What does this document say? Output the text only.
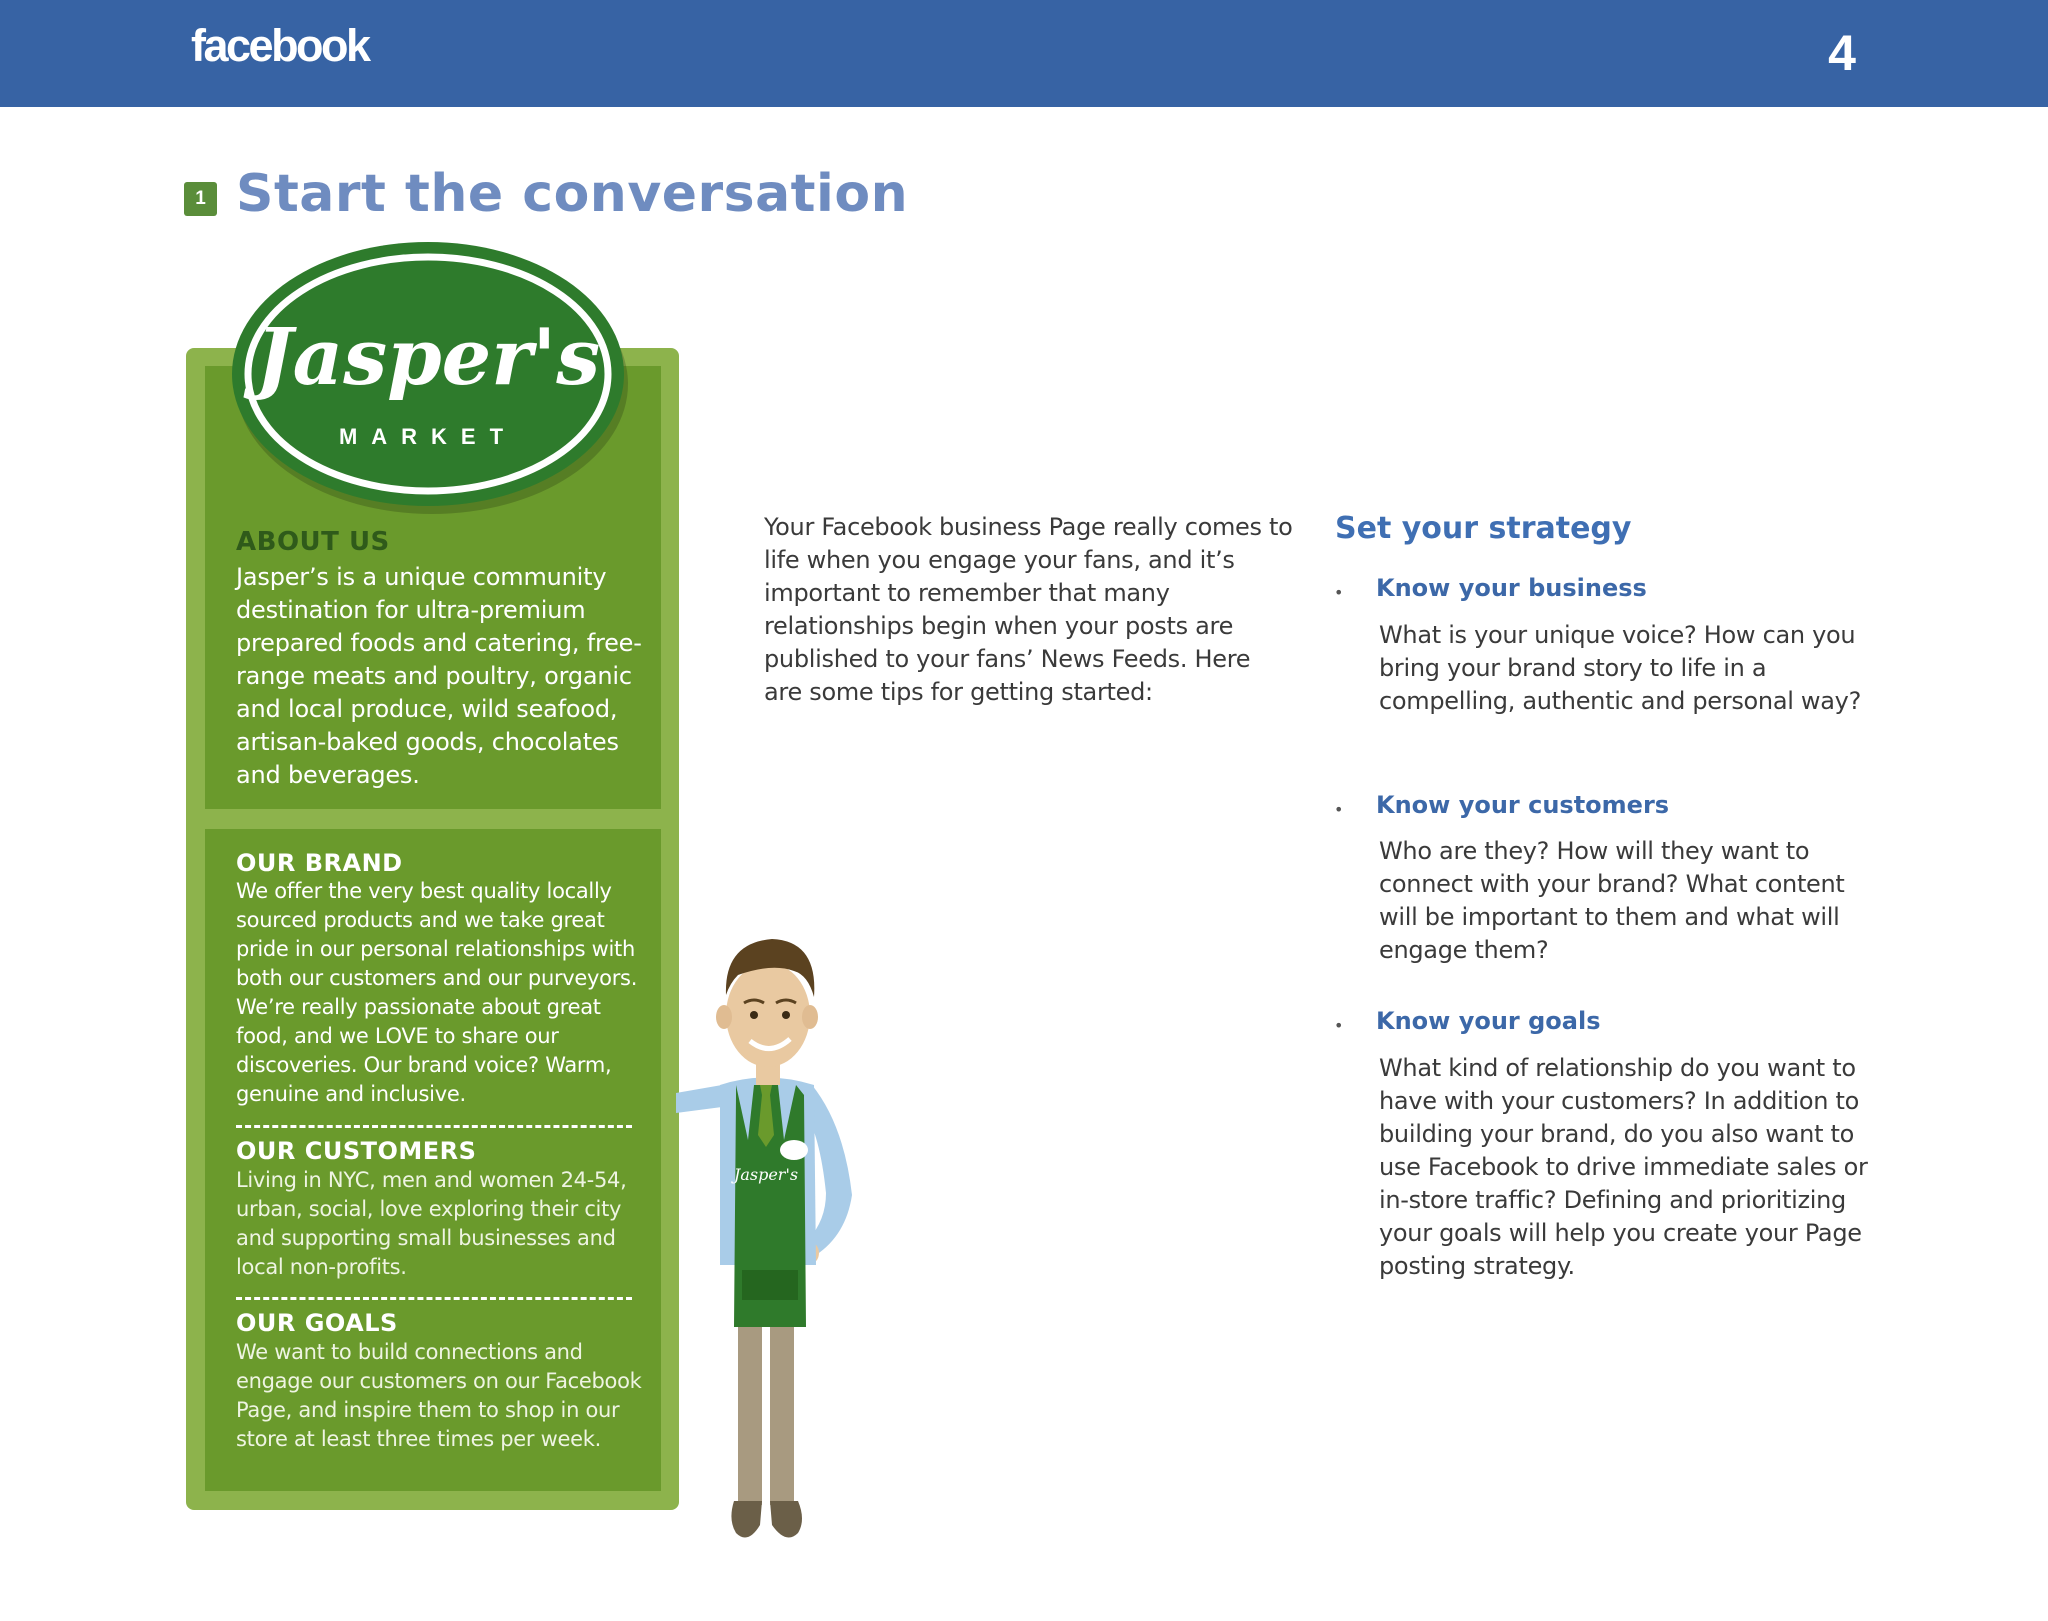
facebook	4
1 Start the conversation
Jasper's
MARKET
ABOUT US

Jasper’s is a unique community destination for ultra-premium prepared foods and catering, free-range meats and poultry, organic and local produce, wild seafood, artisan-baked goods, chocolates and beverages.

OUR BRAND

We offer the very best quality locally sourced products and we take great pride in our personal relationships with both our customers and our purveyors. We’re really passionate about great food, and we LOVE to share our discoveries. Our brand voice? Warm, genuine and inclusive.

OUR CUSTOMERS

Living in NYC, men and women 24-54, urban, social, love exploring their city and supporting small businesses and local non-profits.

OUR GOALS

We want to build connections and engage our customers on our Facebook Page, and inspire them to shop in our store at least three times per week.

Jasper's

Your Facebook business Page really comes to life when you engage your fans, and it’s important to remember that many relationships begin when your posts are published to your fans’ News Feeds. Here are some tips for getting started:

Set your strategy
• Know your business

What is your unique voice? How can you bring your brand story to life in a compelling, authentic and personal way?

• Know your customers

Who are they? How will they want to connect with your brand? What content will be important to them and what will engage them?

• Know your goals

What kind of relationship do you want to have with your customers? In addition to building your brand, do you also want to use Facebook to drive immediate sales or in-store traffic? Defining and prioritizing your goals will help you create your Page posting strategy.
